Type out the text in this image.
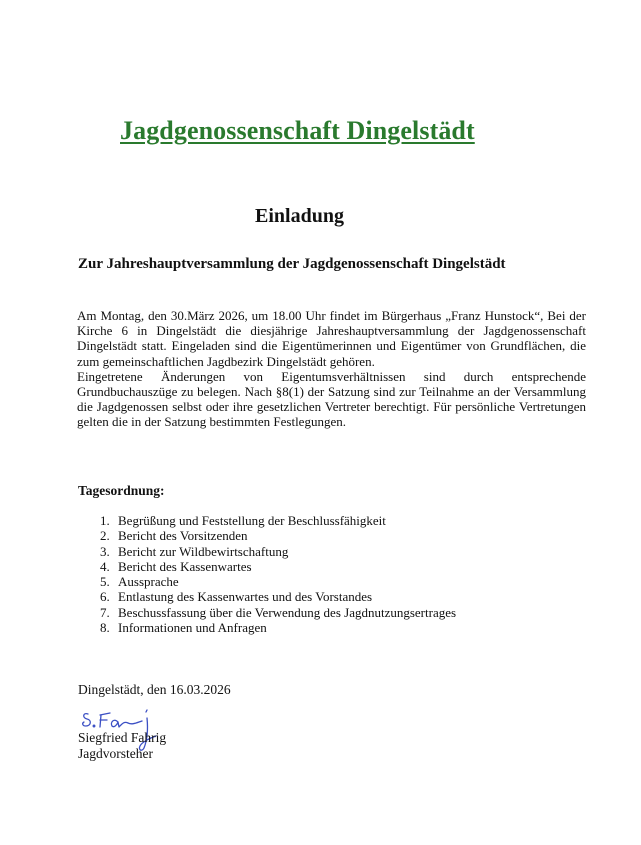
Jagdgenossenschaft Dingelstädt
Einladung
Zur Jahreshauptversammlung der Jagdgenossenschaft Dingelstädt

Am Montag, den 30.März 2026, um 18.00 Uhr findet im Bürgerhaus „Franz Hunstock“, Bei der Kirche 6 in Dingelstädt die diesjährige Jahreshauptversammlung der Jagdgenossenschaft Dingelstädt statt. Eingeladen sind die Eigentümerinnen und Eigentümer von Grundflächen, die zum gemeinschaftlichen Jagdbezirk Dingelstädt gehören.

Eingetretene Änderungen von Eigentumsverhältnissen sind durch entsprechende Grundbuchauszüge zu belegen. Nach §8(1) der Satzung sind zur Teilnahme an der Versammlung die Jagdgenossen selbst oder ihre gesetzlichen Vertreter berechtigt. Für persönliche Vertretungen gelten die in der Satzung bestimmten Festlegungen.

Tagesordnung:
1. Begrüßung und Feststellung der Beschlussfähigkeit
2. Bericht des Vorsitzenden
3. Bericht zur Wildbewirtschaftung
4. Bericht des Kassenwartes
5. Aussprache
6. Entlastung des Kassenwartes und des Vorstandes
7. Beschussfassung über die Verwendung des Jagdnutzungsertrages
8. Informationen und Anfragen
Dingelstädt, den 16.03.2026
Siegfried Fahrig
Jagdvorsteher
